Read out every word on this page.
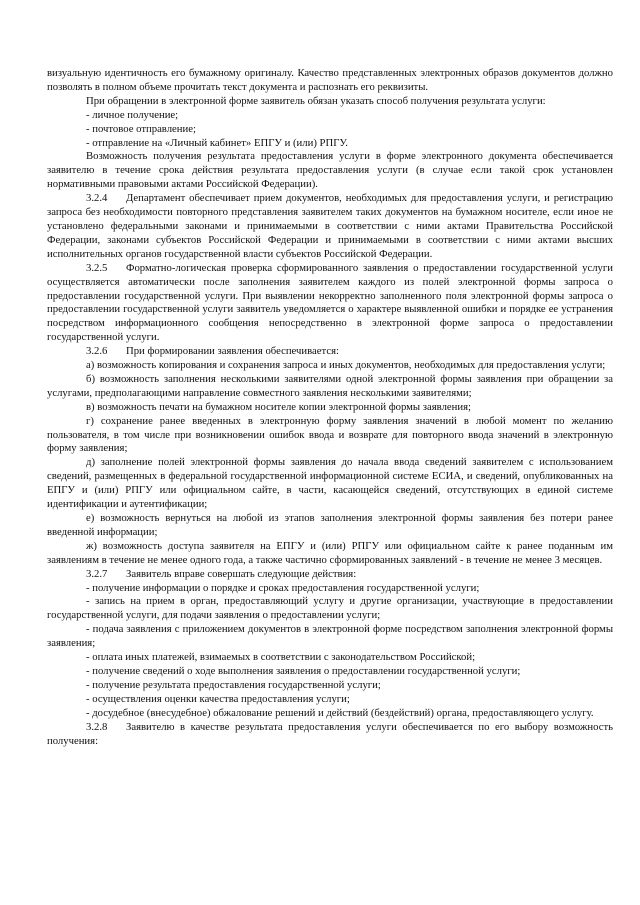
визуальную идентичность его бумажному оригиналу. Качество представленных электронных образов документов должно позволять в полном объеме прочитать текст документа и распознать его реквизиты.

При обращении в электронной форме заявитель обязан указать способ получения результата услуги:

- личное получение;

- почтовое отправление;

- отправление на «Личный кабинет» ЕПГУ и (или) РПГУ.

Возможность получения результата предоставления услуги в форме электронного документа обеспечивается заявителю в течение срока действия результата предоставления услуги (в случае если такой срок установлен нормативными правовыми актами Российской Федерации).

3.2.4 Департамент обеспечивает прием документов, необходимых для предоставления услуги, и регистрацию запроса без необходимости повторного представления заявителем таких документов на бумажном носителе, если иное не установлено федеральными законами и принимаемыми в соответствии с ними актами Правительства Российской Федерации, законами субъектов Российской Федерации и принимаемыми в соответствии с ними актами высших исполнительных органов государственной власти субъектов Российской Федерации.

3.2.5 Форматно-логическая проверка сформированного заявления о предоставлении государственной услуги осуществляется автоматически после заполнения заявителем каждого из полей электронной формы запроса о предоставлении государственной услуги. При выявлении некорректно заполненного поля электронной формы запроса о предоставлении государственной услуги заявитель уведомляется о характере выявленной ошибки и порядке ее устранения посредством информационного сообщения непосредственно в электронной форме запроса о предоставлении государственной услуги.

3.2.6 При формировании заявления обеспечивается:

а) возможность копирования и сохранения запроса и иных документов, необходимых для предоставления услуги;

б) возможность заполнения несколькими заявителями одной электронной формы заявления при обращении за услугами, предполагающими направление совместного заявления несколькими заявителями;

в) возможность печати на бумажном носителе копии электронной формы заявления;

г) сохранение ранее введенных в электронную форму заявления значений в любой момент по желанию пользователя, в том числе при возникновении ошибок ввода и возврате для повторного ввода значений в электронную форму заявления;

д) заполнение полей электронной формы заявления до начала ввода сведений заявителем с использованием сведений, размещенных в федеральной государственной информационной системе ЕСИА, и сведений, опубликованных на ЕПГУ и (или) РПГУ или официальном сайте, в части, касающейся сведений, отсутствующих в единой системе идентификации и аутентификации;

е) возможность вернуться на любой из этапов заполнения электронной формы заявления без потери ранее введенной информации;

ж) возможность доступа заявителя на ЕПГУ и (или) РПГУ или официальном сайте к ранее поданным им заявлениям в течение не менее одного года, а также частично сформированных заявлений - в течение не менее 3 месяцев.

3.2.7 Заявитель вправе совершать следующие действия:

- получение информации о порядке и сроках предоставления государственной услуги;

- запись на прием в орган, предоставляющий услугу и другие организации, участвующие в предоставлении государственной услуги, для подачи заявления о предоставлении услуги;

- подача заявления с приложением документов в электронной форме посредством заполнения электронной формы заявления;

- оплата иных платежей, взимаемых в соответствии с законодательством Российской;

- получение сведений о ходе выполнения заявления о предоставлении государственной услуги;

- получение результата предоставления государственной услуги;

- осуществления оценки качества предоставления услуги;

- досудебное (внесудебное) обжалование решений и действий (бездействий) органа, предоставляющего услугу.

3.2.8 Заявителю в качестве результата предоставления услуги обеспечивается по его выбору возможность получения:
